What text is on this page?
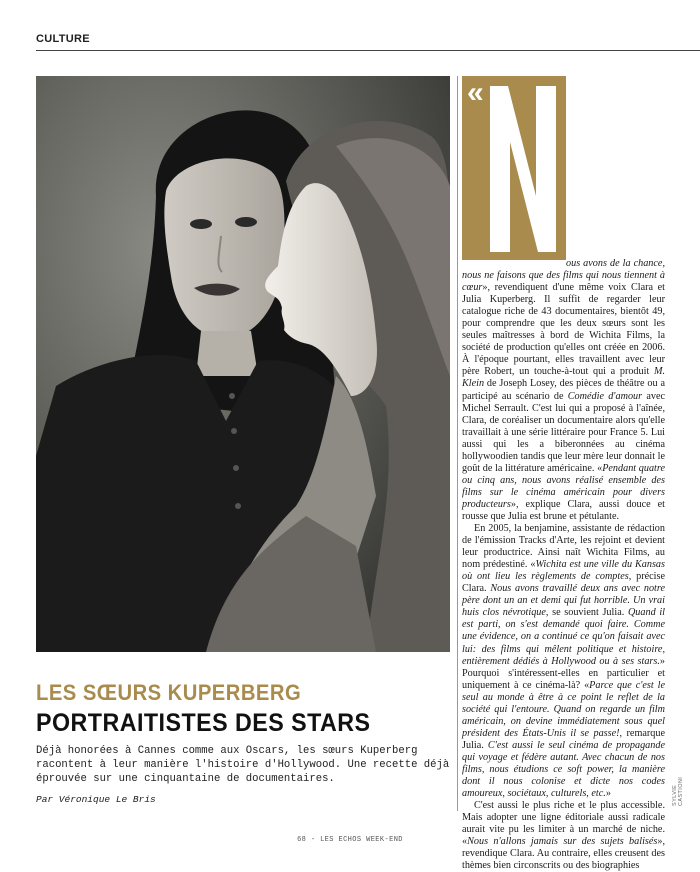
CULTURE
«

ous avons de la chance, nous ne faisons que des films qui nous tiennent à cœur», revendiquent d'une même voix Clara et Julia Kuperberg. Il suffit de regarder leur catalogue riche de 43 documentaires, bientôt 49, pour comprendre que les deux sœurs sont les seules maîtresses à bord de Wichita Films, la société de production qu'elles ont créée en 2006. À l'époque pourtant, elles travaillent avec leur père Robert, un touche-à-tout qui a produit M. Klein de Joseph Losey, des pièces de théâtre ou a participé au scénario de Comédie d'amour avec Michel Serrault. C'est lui qui a proposé à l'aînée, Clara, de coréaliser un documentaire alors qu'elle travaillait à une série littéraire pour France 5. Lui aussi qui les a biberonnées au cinéma hollywoodien tandis que leur mère leur donnait le goût de la littérature américaine. «Pendant quatre ou cinq ans, nous avons réalisé ensemble des films sur le cinéma américain pour divers producteurs», explique Clara, aussi douce et rousse que Julia est brune et pétulante.

En 2005, la benjamine, assistante de rédaction de l'émission Tracks d'Arte, les rejoint et devient leur productrice. Ainsi naît Wichita Films, au nom prédestiné. «Wichita est une ville du Kansas où ont lieu les règlements de comptes, précise Clara. Nous avons travaillé deux ans avec notre père dont un an et demi qui fut horrible. Un vrai huis clos névrotique, se souvient Julia. Quand il est parti, on s'est demandé quoi faire. Comme une évidence, on a continué ce qu'on faisait avec lui: des films qui mêlent politique et histoire, entièrement dédiés à Hollywood ou à ses stars.» Pourquoi s'intéressent-elles en particulier et uniquement à ce cinéma-là? «Parce que c'est le seul au monde à être à ce point le reflet de la société qui l'entoure. Quand on regarde un film américain, on devine immédiatement sous quel président des États-Unis il se passe!, remarque Julia. C'est aussi le seul cinéma de propagande qui voyage et fédère autant. Avec chacun de nos films, nous étudions ce soft power, la manière dont il nous colonise et dicte nos codes amoureux, sociétaux, culturels, etc.»

C'est aussi le plus riche et le plus accessible. Mais adopter une ligne éditoriale aussi radicale aurait vite pu les limiter à un marché de niche. «Nous n'allons jamais sur des sujets balisés», revendique Clara. Au contraire, elles creusent des thèmes bien circonscrits ou des biographies

SYLVIE CASTIONI
LES SŒURS KUPERBERG
PORTRAITISTES DES STARS
Déjà honorées à Cannes comme aux Oscars, les sœurs Kuperberg racontent à leur manière l'histoire d'Hollywood. Une recette déjà éprouvée sur une cinquantaine de documentaires.
Par Véronique Le Bris
68 - LES ECHOS WEEK-END
